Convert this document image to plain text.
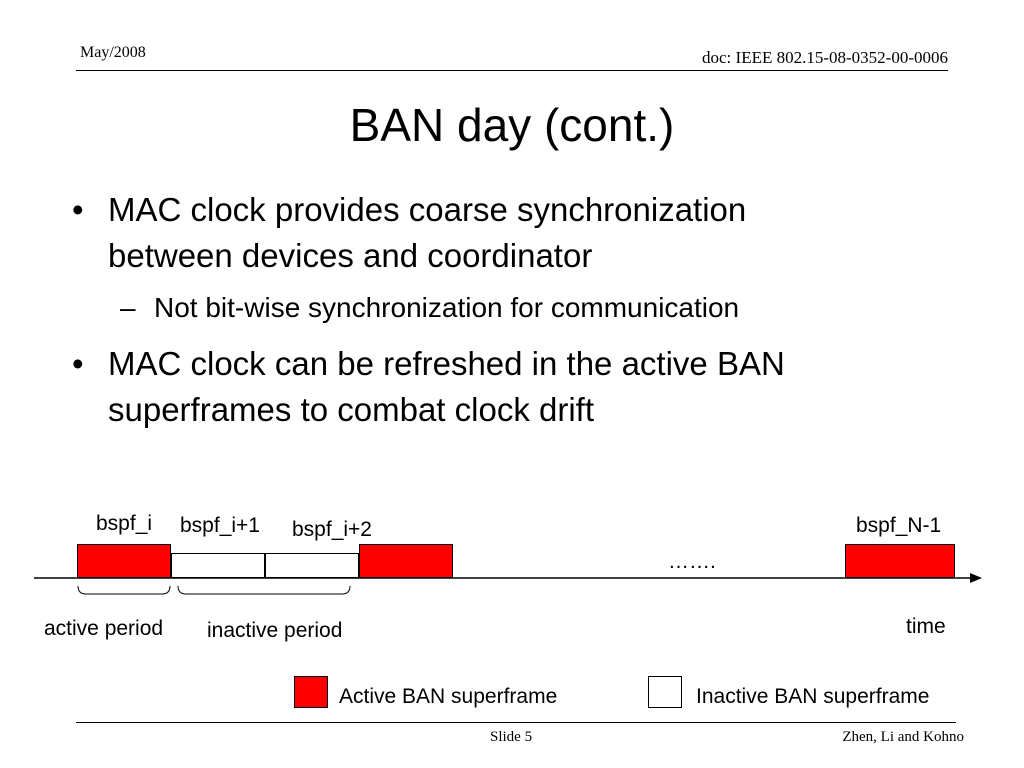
May/2008	doc: IEEE 802.15-08-0352-00-0006
BAN day (cont.)
• MAC clock provides coarse synchronization
between devices and coordinator
– Not bit-wise synchronization for communication
• MAC clock can be refreshed in the active BAN
superframes to combat clock drift
bspf_i bspf_i+1 bspf_i+2	bspf_N-1
…….
active period inactive period	time
Active BAN superframe	Inactive BAN superframe
Slide 5	Zhen, Li and Kohno
